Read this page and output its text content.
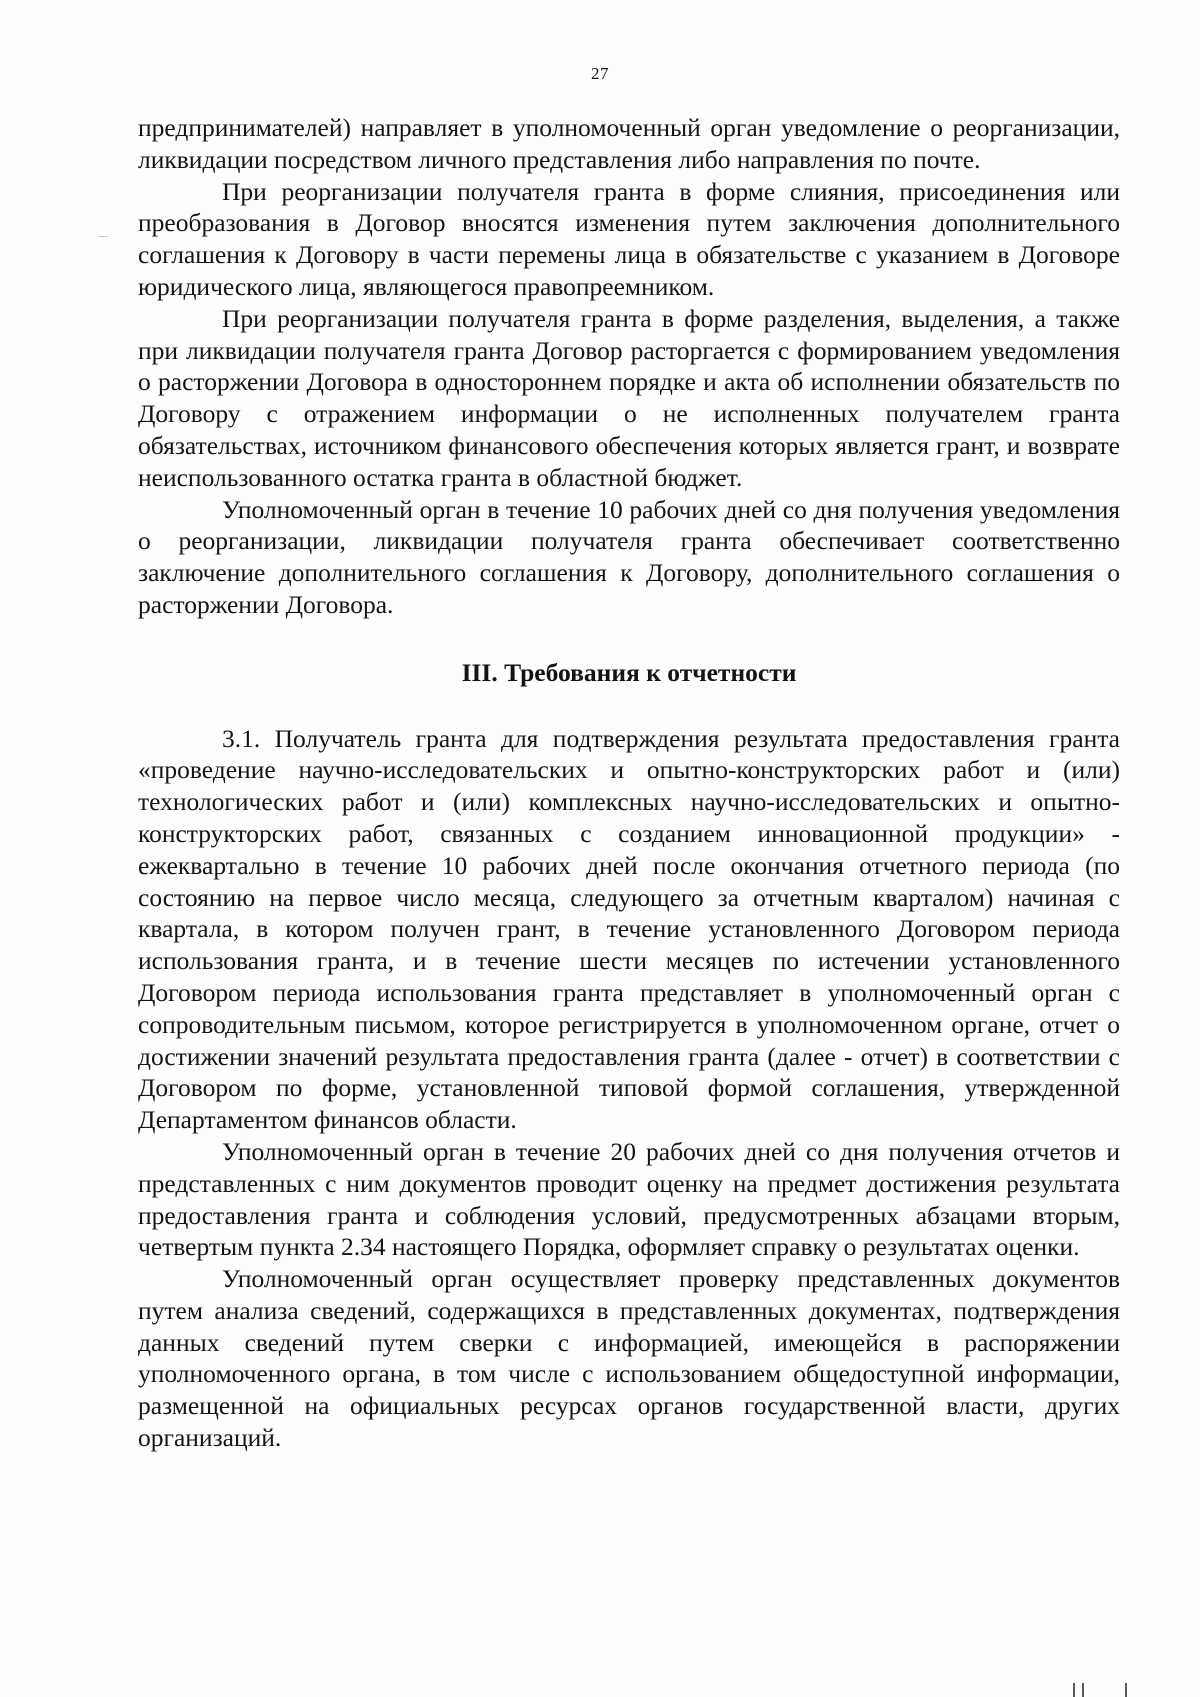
27

предпринимателей) направляет в уполномоченный орган уведомление о реорганизации, ликвидации посредством личного представления либо направления по почте.

При реорганизации получателя гранта в форме слияния, присоединения или преобразования в Договор вносятся изменения путем заключения дополнительного соглашения к Договору в части перемены лица в обязательстве с указанием в Договоре юридического лица, являющегося правопреемником.

При реорганизации получателя гранта в форме разделения, выделения, а также при ликвидации получателя гранта Договор расторгается с формированием уведомления о расторжении Договора в одностороннем порядке и акта об исполнении обязательств по Договору с отражением информации о не исполненных получателем гранта обязательствах, источником финансового обеспечения которых является грант, и возврате неиспользованного остатка гранта в областной бюджет.

Уполномоченный орган в течение 10 рабочих дней со дня получения уведомления о реорганизации, ликвидации получателя гранта обеспечивает соответственно заключение дополнительного соглашения к Договору, дополнительного соглашения о расторжении Договора.

III. Требования к отчетности

3.1. Получатель гранта для подтверждения результата предоставления гранта «проведение научно-исследовательских и опытно-конструкторских работ и (или) технологических работ и (или) комплексных научно-исследовательских и опытно-конструкторских работ, связанных с созданием инновационной продукции» - ежеквартально в течение 10 рабочих дней после окончания отчетного периода (по состоянию на первое число месяца, следующего за отчетным кварталом) начиная с квартала, в котором получен грант, в течение установленного Договором периода использования гранта, и в течение шести месяцев по истечении установленного Договором периода использования гранта представляет в уполномоченный орган с сопроводительным письмом, которое регистрируется в уполномоченном органе, отчет о достижении значений результата предоставления гранта (далее - отчет) в соответствии с Договором по форме, установленной типовой формой соглашения, утвержденной Департаментом финансов области.

Уполномоченный орган в течение 20 рабочих дней со дня получения отчетов и представленных с ним документов проводит оценку на предмет достижения результата предоставления гранта и соблюдения условий, предусмотренных абзацами вторым, четвертым пункта 2.34 настоящего Порядка, оформляет справку о результатах оценки.

Уполномоченный орган осуществляет проверку представленных документов путем анализа сведений, содержащихся в представленных документах, подтверждения данных сведений путем сверки с информацией, имеющейся в распоряжении уполномоченного органа, в том числе с использованием общедоступной информации, размещенной на официальных ресурсах органов государственной власти, других организаций.
